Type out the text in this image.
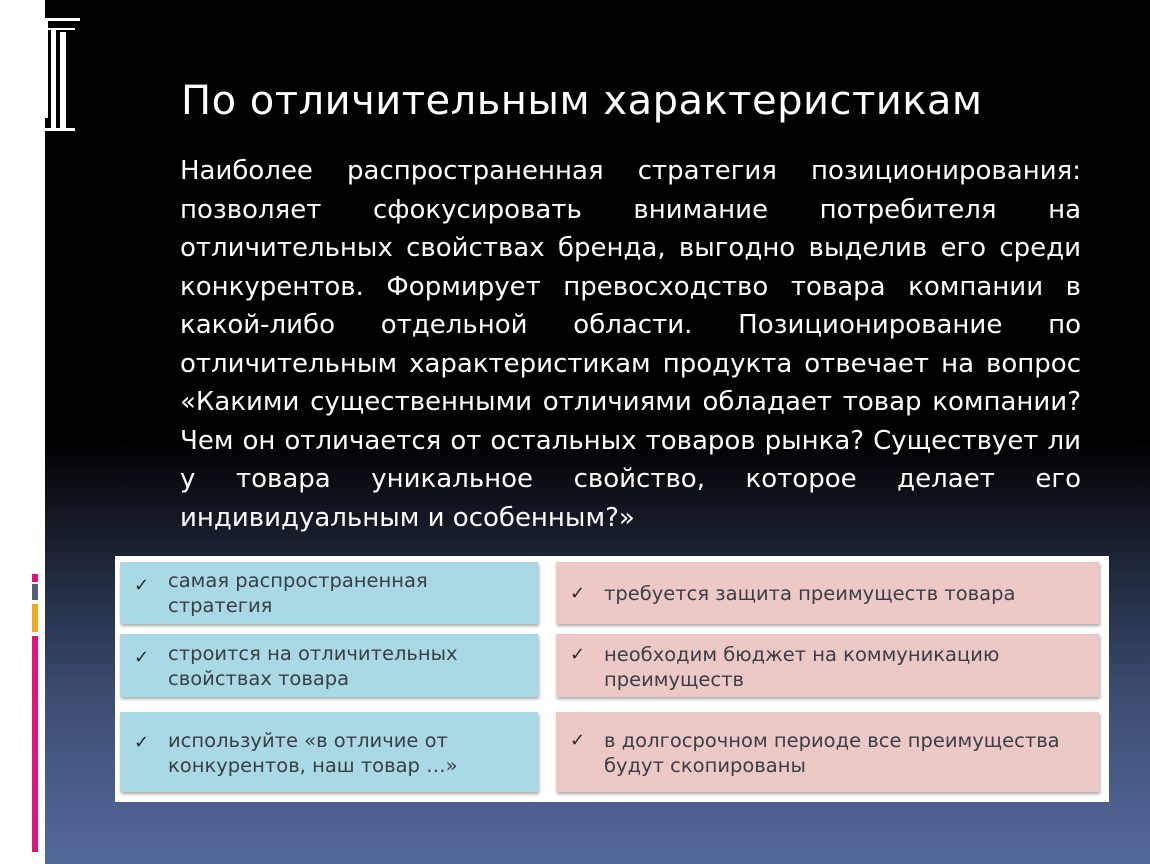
По отличительным характеристикам
Наиболее распространенная стратегия позиционирования: позволяет сфокусировать внимание потребителя на отличительных свойствах бренда, выгодно выделив его среди конкурентов. Формирует превосходство товара компании в какой-либо отдельной области. Позиционирование по отличительным характеристикам продукта отвечает на вопрос «Какими существенными отличиями обладает товар компании? Чем он отличается от остальных товаров рынка? Существует ли у товара уникальное свойство, которое делает его индивидуальным и особенным?»
✓ самая распространенная стратегия
✓ строится на отличительных свойствах товара
✓ используйте «в отличие от конкурентов, наш товар …»
✓ требуется защита преимуществ товара
✓ необходим бюджет на коммуникацию преимуществ
✓ в долгосрочном периоде все преимущества будут скопированы
